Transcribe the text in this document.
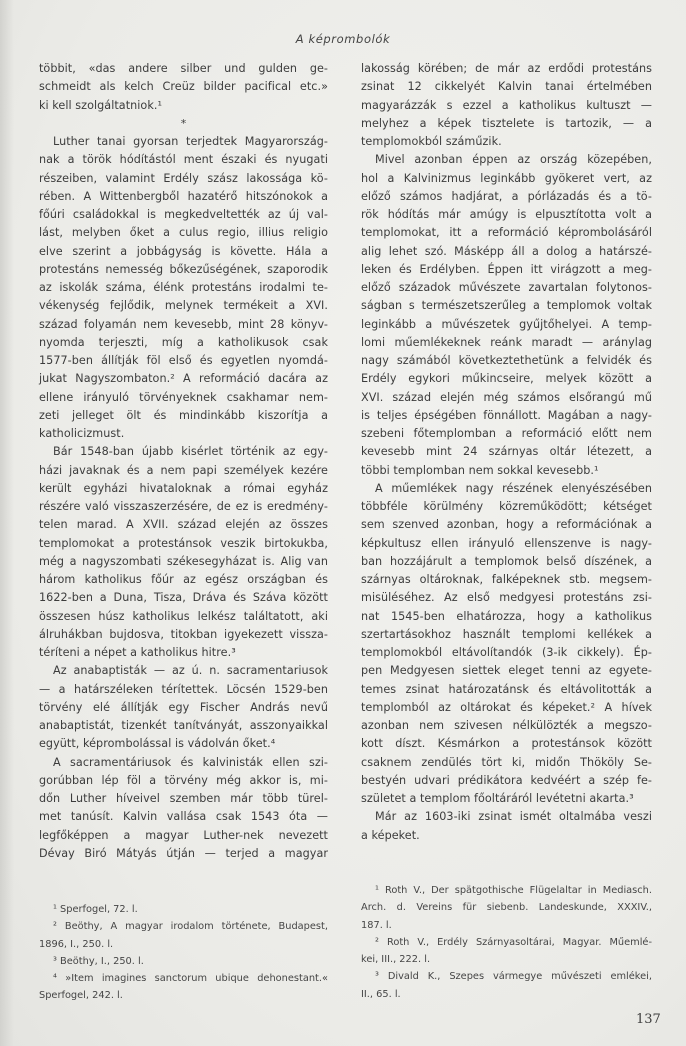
A képrombolók
többit, «das andere silber und gulden ge-
schmeidt als kelch Creüz bilder pacifical etc.»
ki kell szolgáltatniok.¹
*
Luther tanai gyorsan terjedtek Magyarország-
nak a török hódítástól ment északi és nyugati
részeiben, valamint Erdély szász lakossága kö-
rében. A Wittenbergből hazatérő hitszónokok a
főúri családokkal is megkedveltették az új val-
lást, melyben őket a culus regio, illius religio
elve szerint a jobbágyság is követte. Hála a
protestáns nemesség bőkezűségének, szaporodik
az iskolák száma, élénk protestáns irodalmi te-
vékenység fejlődik, melynek termékeit a XVI.
század folyamán nem kevesebb, mint 28 könyv-
nyomda terjeszti, míg a katholikusok csak
1577-ben állítják föl első és egyetlen nyomdá-
jukat Nagyszombaton.² A reformáció dacára az
ellene irányuló törvényeknek csakhamar nem-
zeti jelleget ölt és mindinkább kiszorítja a
katholicizmust.
Bár 1548-ban újabb kisérlet történik az egy-
házi javaknak és a nem papi személyek kezére
került egyházi hivataloknak a római egyház
részére való visszaszerzésére, de ez is eredmény-
telen marad. A XVII. század elején az összes
templomokat a protestánsok veszik birtokukba,
még a nagyszombati székesegyházat is. Alig van
három katholikus főúr az egész országban és
1622-ben a Duna, Tisza, Dráva és Száva között
összesen húsz katholikus lelkész találtatott, aki
álruhákban bujdosva, titokban igyekezett vissza-
téríteni a népet a katholikus hitre.³
Az anabaptisták — az ú. n. sacramentariusok
— a határszéleken térítettek. Löcsén 1529-ben
törvény elé állítják egy Fischer András nevű
anabaptistát, tizenkét tanítványát, asszonyaikkal
együtt, képrombolással is vádolván őket.⁴
A sacramentáriusok és kalvinisták ellen szi-
gorúbban lép föl a törvény még akkor is, mi-
dőn Luther híveivel szemben már több türel-
met tanúsít. Kalvin vallása csak 1543 óta —
legfőképpen a magyar Luther-nek nevezett
Dévay Biró Mátyás útján — terjed a magyar
¹ Sperfogel, 72. l.
² Beöthy, A magyar irodalom története, Budapest,
1896, I., 250. l.
³ Beöthy, I., 250. l.
⁴ »Item imagines sanctorum ubique dehonestant.«
Sperfogel, 242. l.
lakosság körében; de már az erdődi protestáns
zsinat 12 cikkelyét Kalvin tanai értelmében
magyarázzák s ezzel a katholikus kultuszt —
melyhez a képek tisztelete is tartozik, — a
templomokból száműzik.
Mivel azonban éppen az ország közepében,
hol a Kalvinizmus leginkább gyökeret vert, az
előző számos hadjárat, a pórlázadás és a tö-
rök hódítás már amúgy is elpusztította volt a
templomokat, itt a reformáció képrombolásáról
alig lehet szó. Másképp áll a dolog a határszé-
leken és Erdélyben. Éppen itt virágzott a meg-
előző századok művészete zavartalan folytonos-
ságban s természetszerűleg a templomok voltak
leginkább a művészetek gyűjtőhelyei. A temp-
lomi műemlékeknek reánk maradt — aránylag
nagy számából következtethetünk a felvidék és
Erdély egykori műkincseire, melyek között a
XVI. század elején még számos elsőrangú mű
is teljes épségében fönnállott. Magában a nagy-
szebeni főtemplomban a reformáció előtt nem
kevesebb mint 24 szárnyas oltár létezett, a
többi templomban nem sokkal kevesebb.¹
A műemlékek nagy részének elenyészésében
többféle körülmény közreműködött; kétséget
sem szenved azonban, hogy a reformációnak a
képkultusz ellen irányuló ellenszenve is nagy-
ban hozzájárult a templomok belső díszének, a
szárnyas oltároknak, falképeknek stb. megsem-
misüléséhez. Az első medgyesi protestáns zsi-
nat 1545-ben elhatározza, hogy a katholikus
szertartásokhoz használt templomi kellékek a
templomokból eltávolítandók (3-ik cikkely). Ép-
pen Medgyesen siettek eleget tenni az egyete-
temes zsinat határozatánsk és eltávolitották a
templomból az oltárokat és képeket.² A hívek
azonban nem szivesen nélkülözték a megszo-
kott díszt. Késmárkon a protestánsok között
csaknem zendülés tört ki, midőn Thököly Se-
bestyén udvari prédikátora kedvéért a szép fe-
születet a templom főoltáráról levétetni akarta.³
Már az 1603-iki zsinat ismét oltalmába veszi
a képeket.
¹ Roth V., Der spätgothische Flügelaltar in Mediasch.
Arch. d. Vereins für siebenb. Landeskunde, XXXIV.,
187. l.
² Roth V., Erdély Szárnyasoltárai, Magyar. Műemlé-
kei, III., 222. l.
³ Divald K., Szepes vármegye művészeti emlékei,
II., 65. l.
137
